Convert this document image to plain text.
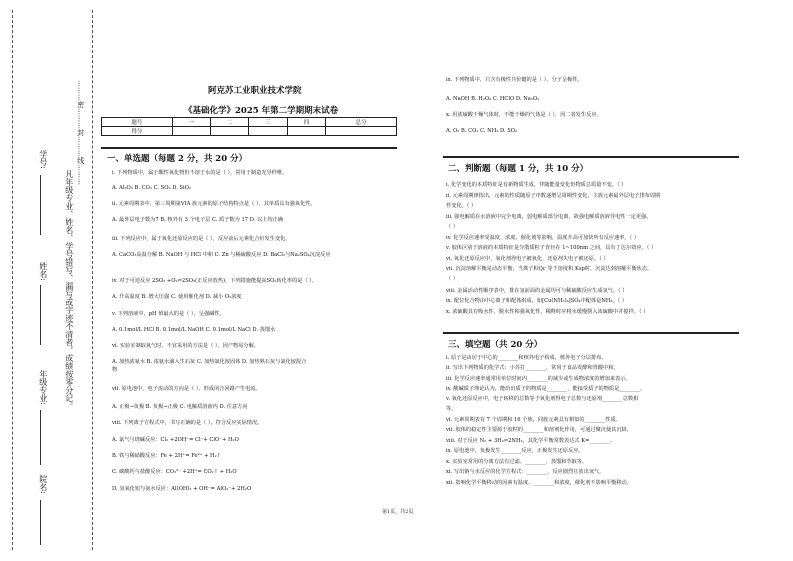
………密………封………线………
凡年级专业、姓名、学号错写、漏写或字迹不清者，成绩按零分记。
学号:
姓名:
年级专业:
院名:
阿克苏工业职业技术学院
《基础化学》2025 年第二学期期末试卷
题号	一	二	三	四	总分
得分					
一、单选题（每题 2 分，共 20 分）
i. 下列物质中，属于酸性氧化物但不溶于水的是（ ），常用于制造光导纤维。
A. Al₂O₃ B. CO₂ C. SO₃ D. SiO₂
ii. 元素周期表中，第三周期第VIA 族元素的原子结构特点是（ ），其单质具有强氧化性。
A. 最外层电子数为7 B. 核外有 3 个电子层 C. 质子数为 17 D. 以上均正确
iii. 下列反应中，属于氧化还原反应的是（ ），反应前后元素化合价发生变化。
A. CaCO₃高温分解 B. NaOH 与 HCl 中和 C. Zn 与稀硫酸反应 D. BaCl₂与Na₂SO₄沉淀反应
iv. 对于可逆反应 2SO₂ +O₂⇌2SO₃(正反应放热)，下列措施能提高SO₂转化率的是（ ）。
A. 升高温度 B. 增大压强 C. 使用催化剂 D. 减小 O₂浓度
v. 下列溶液中，pH 值最大的是（ ），呈强碱性。
A. 0.1mol/L HCl B. 0.1mol/L NaOH C. 0.1mol/L NaCl D. 蒸馏水
vi. 实验室制取氧气时，不宜采用的方法是（ ），因产物易分解。
A. 加热浓氨水 B. 浓氨水滴入生石灰 C. 加热氯化铵固体 D. 加热熟石灰与氯化铵混合
物
vii. 原电池中，电子流动的方向是（ ），形成闭合回路产生电流。
A. 正极→负极 B. 负极→正极 C. 电解质溶液内 D. 任意方向
viii. 下列离子方程式中，书写正确的是（ ），符合反应实际情况。
A. 氯气与烧碱反应：Cl₂ +2OH⁻= Cl⁻+ ClO⁻+ H₂O
B. 铁与稀硝酸反应：Fe + 2H⁺= Fe²⁺ + H₂↑
C. 碳酸钙与盐酸反应：CO₃²⁻ +2H⁺= CO₂↑ + H₂O
D. 氢氧化铝与氨水反应：Al(OH)₃ + OH⁻= AlO₂⁻+ 2H₂O
ix. 下列物质中，只含有极性共价键的是（ ），分子呈极性。
A. NaOH B. H₂O₂ C. HClO D. Na₂O₂
x. 用浓硫酸干燥气体时，不能干燥的气体是（ ），因二者发生反应。
A. O₂ B. CO₂ C. NH₃ D. SO₂
二、判断题（每题 1 分，共 10 分）
i. 化学变化的本质特征是有新物质生成，伴随能量变化但物质总质量不变。（ ）
ii. 元素周期律指出，元素的性质随原子序数递增呈周期性变化，主族元素最外层电子排布周期
性变化。（ ）
iii. 强电解质在水溶液中完全电离，弱电解质部分电离，故强电解质溶液导电性一定更强。
（ ）
iv. 化学反应速率受温度、浓度、催化剂等影响，温度升高可加快所有反应速率。（ ）
v. 胶体区别于溶液的本质特征是分散质粒子直径在 1~100nm 之间，具有丁达尔效应。（ ）
vi. 氧化还原反应中，氧化剂得电子被氧化，还原剂失电子被还原。（ ）
vii. 沉淀溶解平衡是动态平衡，当离子积Qc 等于溶度积 Ksp时，沉淀达到溶解平衡状态。
（ ）
viii. 金属活动性顺序表中，排在氢前面的金属均可与稀硫酸反应生成氢气。（ ）
ix. 配位化合物由中心离子和配体组成，如[Cu(NH₃)₄]SO₄中配体是NH₃。（ ）
x. 浓硫酸具有吸水性、脱水性和强氧化性，稀释时应将水缓慢倒入浓硫酸中并搅拌。（ ）
三、填空题（共 20 分）
i. 原子是由居于中心的________和核外电子构成，核外电子分层排布。
ii. 写出下列物质的化学式：小苏打________，常用于食品发酵和胃酸中和。
iii. 化学反应速率通常用单位时间内________的减少或生成物浓度的增加来表示。
iv. 酸碱质子理论认为，能给出质子的物质是________，能接受质子的物质是________。
v. 氧化还原反应中，电子转移的总数等于氧化剂得电子总数与还原剂________总数相
等。
vi. 元素周期表有 7 个周期和 16 个族，同族元素具有相似的________性质。
vii. 胶体的稳定性主要源于胶粒的________和溶剂化作用，可通过聚沉使其沉降。
viii. 对于反应 N₂ + 3H₂⇌2NH₃，其化学平衡常数表达式 K=________。
ix. 原电池中，负极发生________反应，正极发生还原反应。
x. 实验室常用的分离方法有过滤、________、蒸馏和萃取等。
xi. 写出钠与水反应的化学方程式：________，反应剧烈且放出氢气。
xii. 影响化学平衡移动的因素有温度、________和浓度，催化剂不影响平衡移动。
第1页，共2页
